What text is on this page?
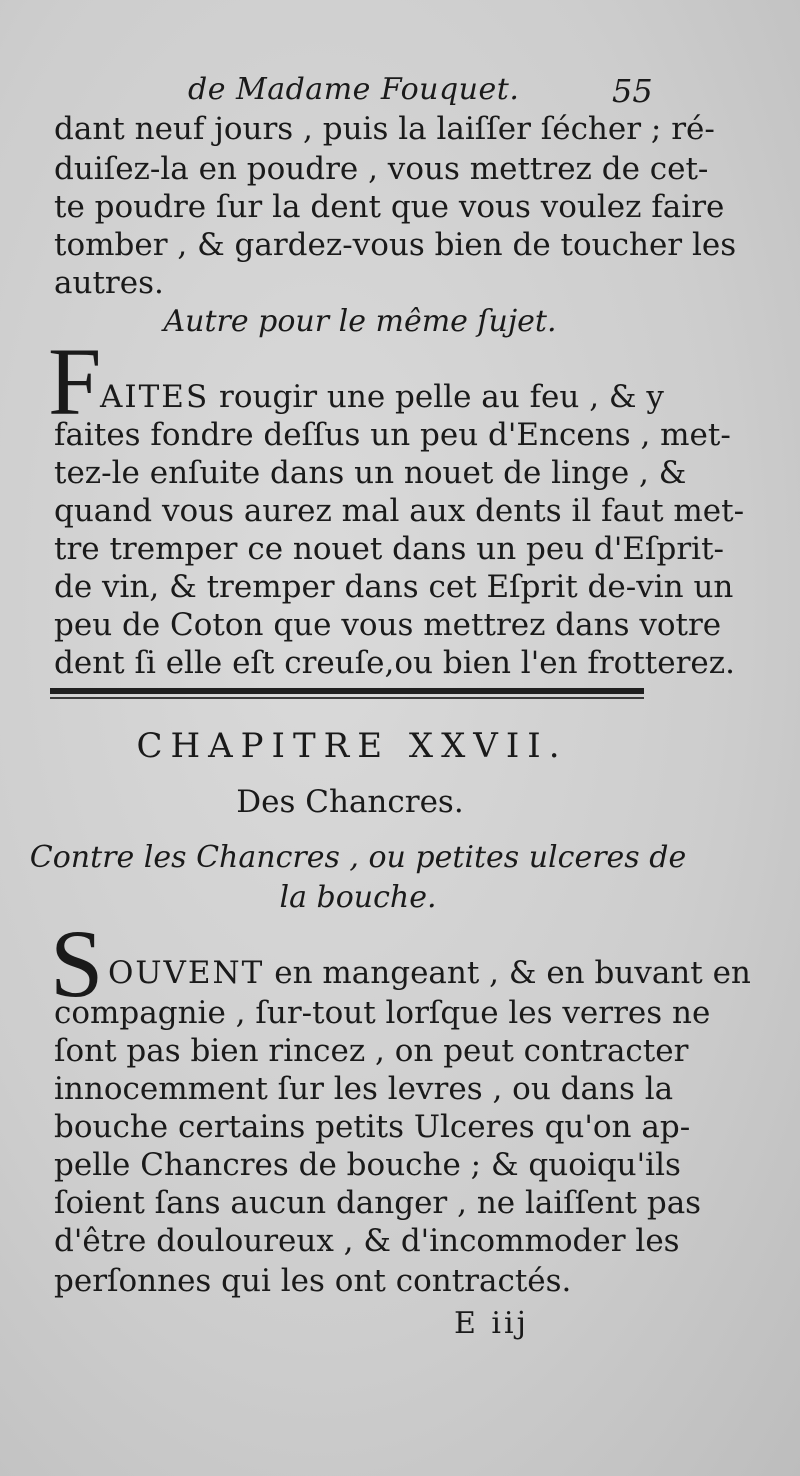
de Madame Fouquet.	55
dant neuf jours , puis la laiſſer ſécher ; ré-
duiſez-la en poudre , vous mettrez de cet-
te poudre ſur la dent que vous voulez faire
tomber , & gardez-vous bien de toucher les
autres.
Autre pour le même ſujet.
F
AITES rougir une pelle au feu , & y
faites fondre deſſus un peu d'Encens , met-
tez-le enſuite dans un nouet de linge , &
quand vous aurez mal aux dents il faut met-
tre tremper ce nouet dans un peu d'Eſprit-
de vin, & tremper dans cet Eſprit de-vin un
peu de Coton que vous mettrez dans votre
dent ſi elle eſt creuſe,ou bien l'en frotterez.
CHAPITRE XXVII.
Des Chancres.
Contre les Chancres , ou petites ulceres de
la bouche.
S OUVENT en mangeant , & en buvant en
compagnie , ſur-tout lorſque les verres ne
ſont pas bien rincez , on peut contracter
innocemment ſur les levres , ou dans la
bouche certains petits Ulceres qu'on ap-
pelle Chancres de bouche ; & quoiqu'ils
ſoient ſans aucun danger , ne laiſſent pas
d'être douloureux , & d'incommoder les
perſonnes qui les ont contractés.
E iij
